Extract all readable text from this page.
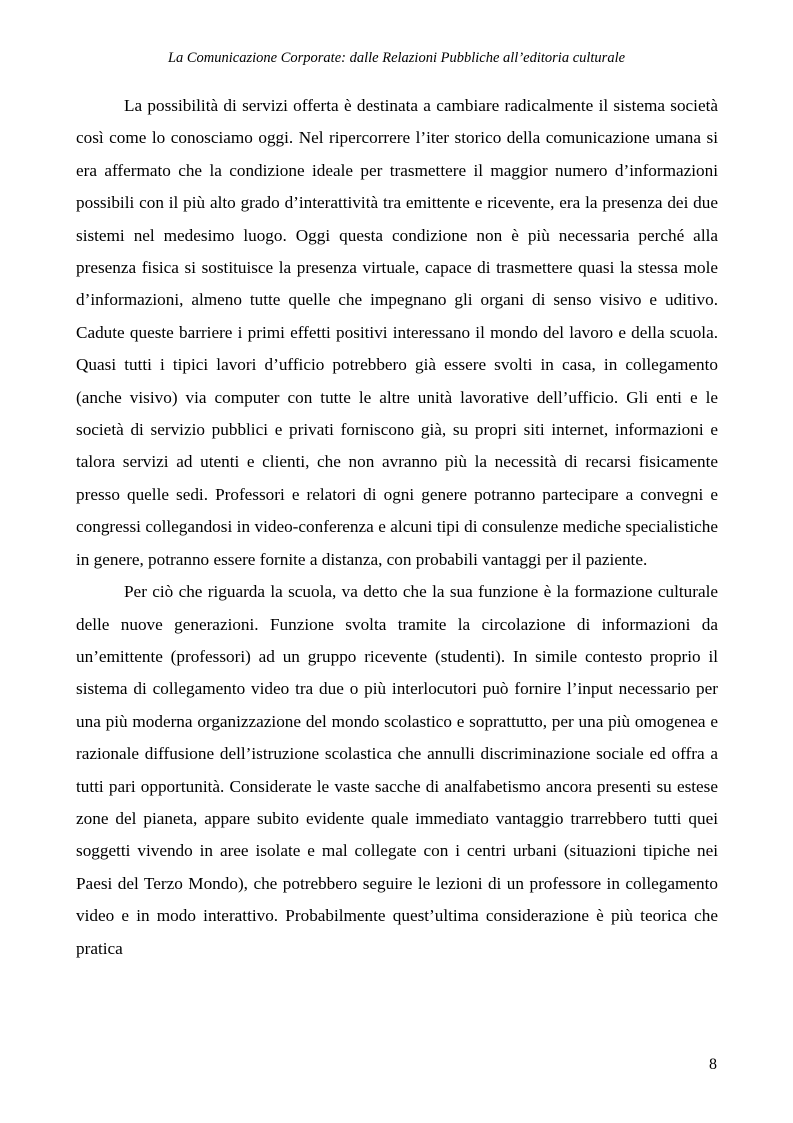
La Comunicazione Corporate: dalle Relazioni Pubbliche all’editoria culturale

La possibilità di servizi offerta è destinata a cambiare radicalmente il sistema società così come lo conosciamo oggi. Nel ripercorrere l’iter storico della comunicazione umana si era affermato che la condizione ideale per trasmettere il maggior numero d’informazioni possibili con il più alto grado d’interattività tra emittente e ricevente, era la presenza dei due sistemi nel medesimo luogo. Oggi questa condizione non è più necessaria perché alla presenza fisica si sostituisce la presenza virtuale, capace di trasmettere quasi la stessa mole d’informazioni, almeno tutte quelle che impegnano gli organi di senso visivo e uditivo. Cadute queste barriere i primi effetti positivi interessano il mondo del lavoro e della scuola. Quasi tutti i tipici lavori d’ufficio potrebbero già essere svolti in casa, in collegamento (anche visivo) via computer con tutte le altre unità lavorative dell’ufficio. Gli enti e le società di servizio pubblici e privati forniscono già, su propri siti internet, informazioni e talora servizi ad utenti e clienti, che non avranno più la necessità di recarsi fisicamente presso quelle sedi. Professori e relatori di ogni genere potranno partecipare a convegni e congressi collegandosi in video-conferenza e alcuni tipi di consulenze mediche specialistiche in genere, potranno essere fornite a distanza, con probabili vantaggi per il paziente.

Per ciò che riguarda la scuola, va detto che la sua funzione è la formazione culturale delle nuove generazioni. Funzione svolta tramite la circolazione di informazioni da un’emittente (professori) ad un gruppo ricevente (studenti). In simile contesto proprio il sistema di collegamento video tra due o più interlocutori può fornire l’input necessario per una più moderna organizzazione del mondo scolastico e soprattutto, per una più omogenea e razionale diffusione dell’istruzione scolastica che annulli discriminazione sociale ed offra a tutti pari opportunità. Considerate le vaste sacche di analfabetismo ancora presenti su estese zone del pianeta, appare subito evidente quale immediato vantaggio trarrebbero tutti quei soggetti vivendo in aree isolate e mal collegate con i centri urbani (situazioni tipiche nei Paesi del Terzo Mondo), che potrebbero seguire le lezioni di un professore in collegamento video e in modo interattivo. Probabilmente quest’ultima considerazione è più teorica che pratica

8
